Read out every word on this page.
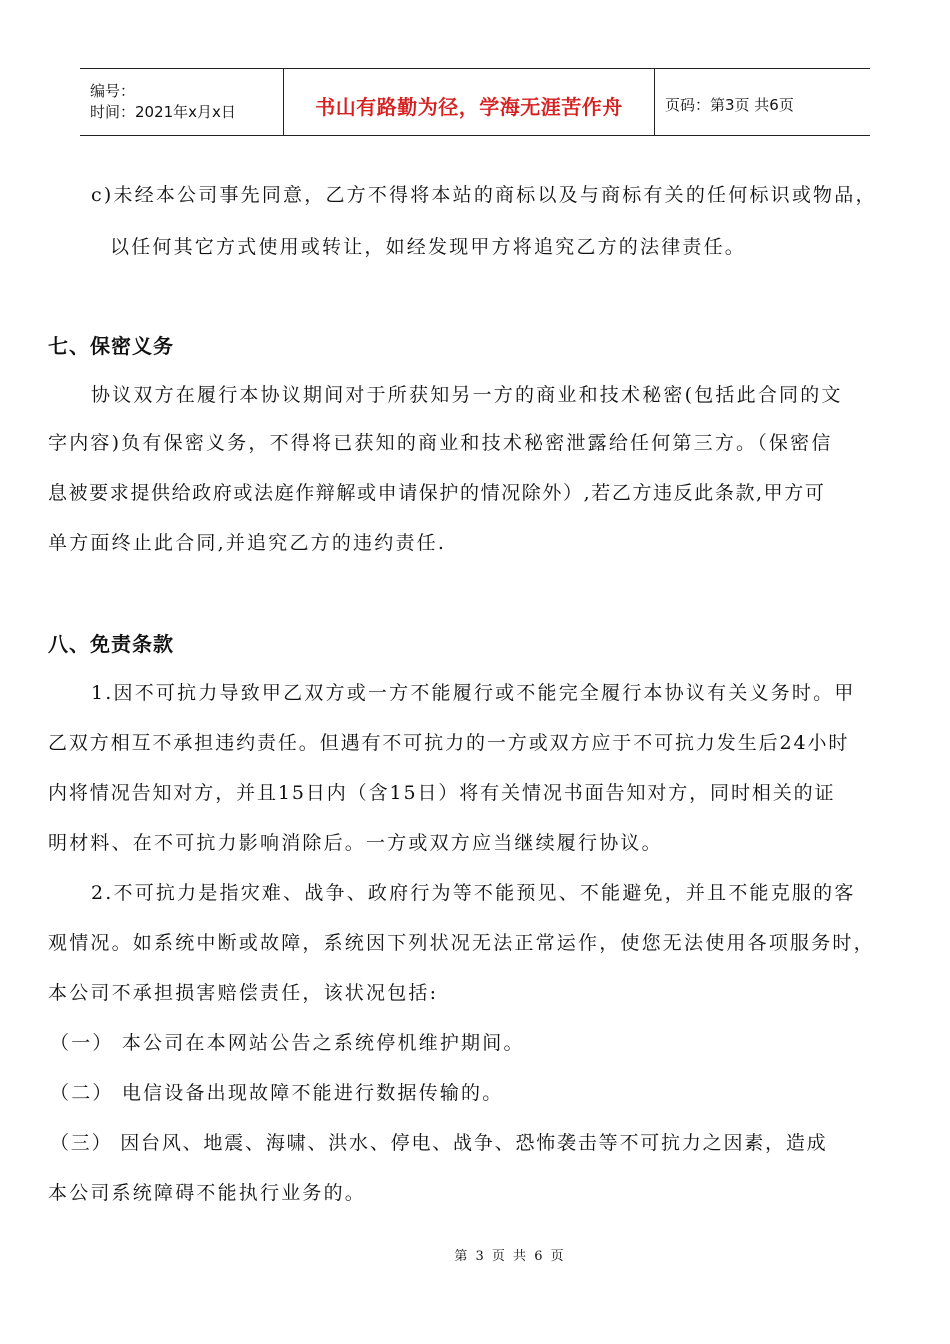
编号：
时间：2021年x月x日	书山有路勤为径，学海无涯苦作舟	页码：第3页 共6页
c)未经本公司事先同意，乙方不得将本站的商标以及与商标有关的任何标识或物品，
以任何其它方式使用或转让，如经发现甲方将追究乙方的法律责任。
七、保密义务
协议双方在履行本协议期间对于所获知另一方的商业和技术秘密(包括此合同的文
字内容)负有保密义务，不得将已获知的商业和技术秘密泄露给任何第三方。（保密信
息被要求提供给政府或法庭作辩解或申请保护的情况除外）,若乙方违反此条款,甲方可
单方面终止此合同,并追究乙方的违约责任.
八、免责条款
1.因不可抗力导致甲乙双方或一方不能履行或不能完全履行本协议有关义务时。甲
乙双方相互不承担违约责任。但遇有不可抗力的一方或双方应于不可抗力发生后24小时
内将情况告知对方，并且15日内（含15日）将有关情况书面告知对方，同时相关的证
明材料、在不可抗力影响消除后。一方或双方应当继续履行协议。
2.不可抗力是指灾难、战争、政府行为等不能预见、不能避免，并且不能克服的客
观情况。如系统中断或故障，系统因下列状况无法正常运作，使您无法使用各项服务时，
本公司不承担损害赔偿责任，该状况包括:
（一） 本公司在本网站公告之系统停机维护期间。
（二） 电信设备出现故障不能进行数据传输的。
（三） 因台风、地震、海啸、洪水、停电、战争、恐怖袭击等不可抗力之因素，造成
本公司系统障碍不能执行业务的。
第 3 页 共 6 页
